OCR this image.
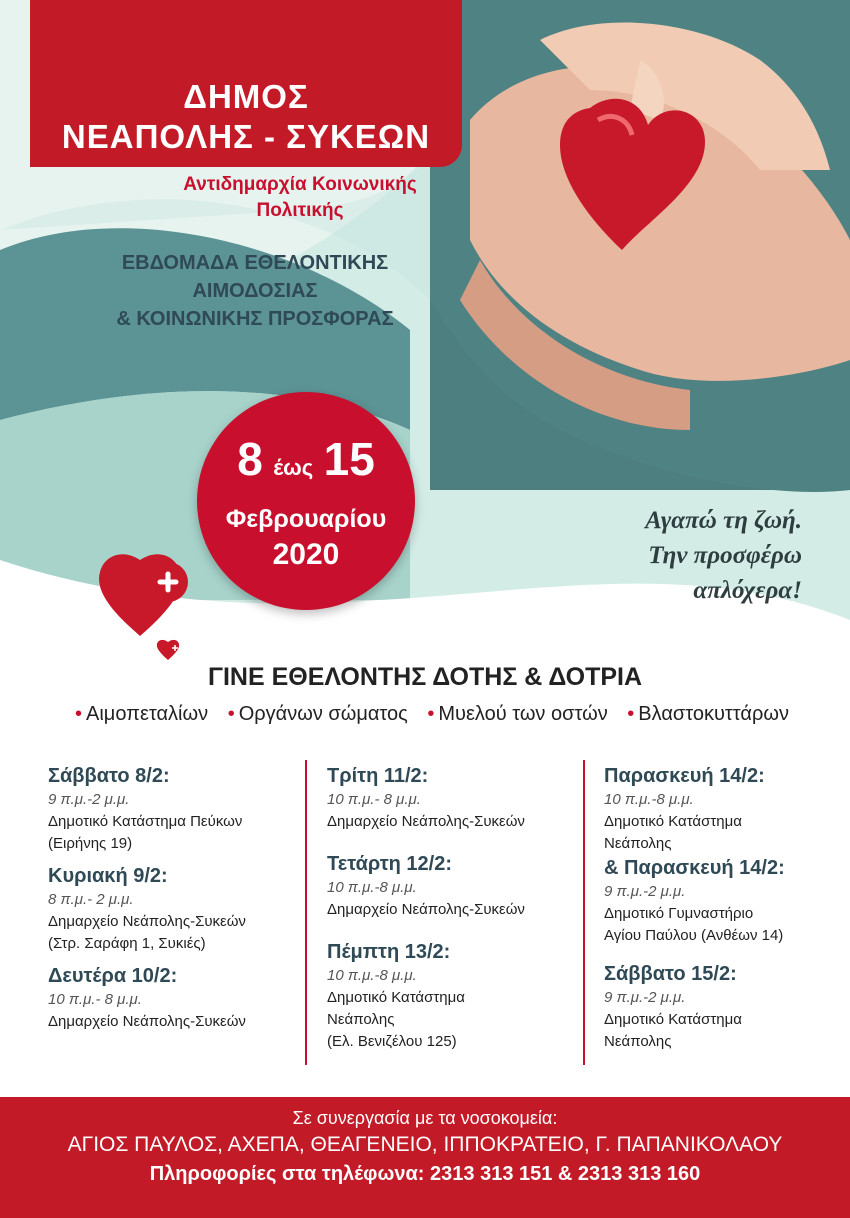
ΔΗΜΟΣ
ΝΕΑΠΟΛΗΣ - ΣΥΚΕΩΝ
Αντιδημαρχία Κοινωνικής
Πολιτικής
ΕΒΔΟΜΑΔΑ ΕΘΕΛΟΝΤΙΚΗΣ
ΑΙΜΟΔΟΣΙΑΣ
& ΚΟΙΝΩΝΙΚΗΣ ΠΡΟΣΦΟΡΑΣ
8 έως 15
Φεβρουαρίου
2020
Αγαπώ τη ζωή.
Την προσφέρω
απλόχερα!
ΓΙΝΕ ΕΘΕΛΟΝΤΗΣ ΔΟΤΗΣ & ΔΟΤΡΙΑ
• Αιμοπεταλίων • Οργάνων σώματος • Μυελού των οστών • Βλαστοκυττάρων
Σάββατο 8/2:
9 π.μ.-2 μ.μ.
Δημοτικό Κατάστημα Πεύκων
(Ειρήνης 19)
Κυριακή 9/2:
8 π.μ.- 2 μ.μ.
Δημαρχείο Νεάπολης-Συκεών
(Στρ. Σαράφη 1, Συκιές)
Δευτέρα 10/2:
10 π.μ.- 8 μ.μ.
Δημαρχείο Νεάπολης-Συκεών
Τρίτη 11/2:
10 π.μ.- 8 μ.μ.
Δημαρχείο Νεάπολης-Συκεών
Τετάρτη 12/2:
10 π.μ.-8 μ.μ.
Δημαρχείο Νεάπολης-Συκεών
Πέμπτη 13/2:
10 π.μ.-8 μ.μ.
Δημοτικό Κατάστημα
Νεάπολης
(Ελ. Βενιζέλου 125)
Παρασκευή 14/2:
10 π.μ.-8 μ.μ.
Δημοτικό Κατάστημα
Νεάπολης
& Παρασκευή 14/2:
9 π.μ.-2 μ.μ.
Δημοτικό Γυμναστήριο
Αγίου Παύλου (Ανθέων 14)
Σάββατο 15/2:
9 π.μ.-2 μ.μ.
Δημοτικό Κατάστημα
Νεάπολης
Σε συνεργασία με τα νοσοκομεία:
ΑΓΙΟΣ ΠΑΥΛΟΣ, ΑΧΕΠΑ, ΘΕΑΓΕΝΕΙΟ, ΙΠΠΟΚΡΑΤΕΙΟ, Γ. ΠΑΠΑΝΙΚΟΛΑΟΥ
Πληροφορίες στα τηλέφωνα: 2313 313 151 & 2313 313 160
